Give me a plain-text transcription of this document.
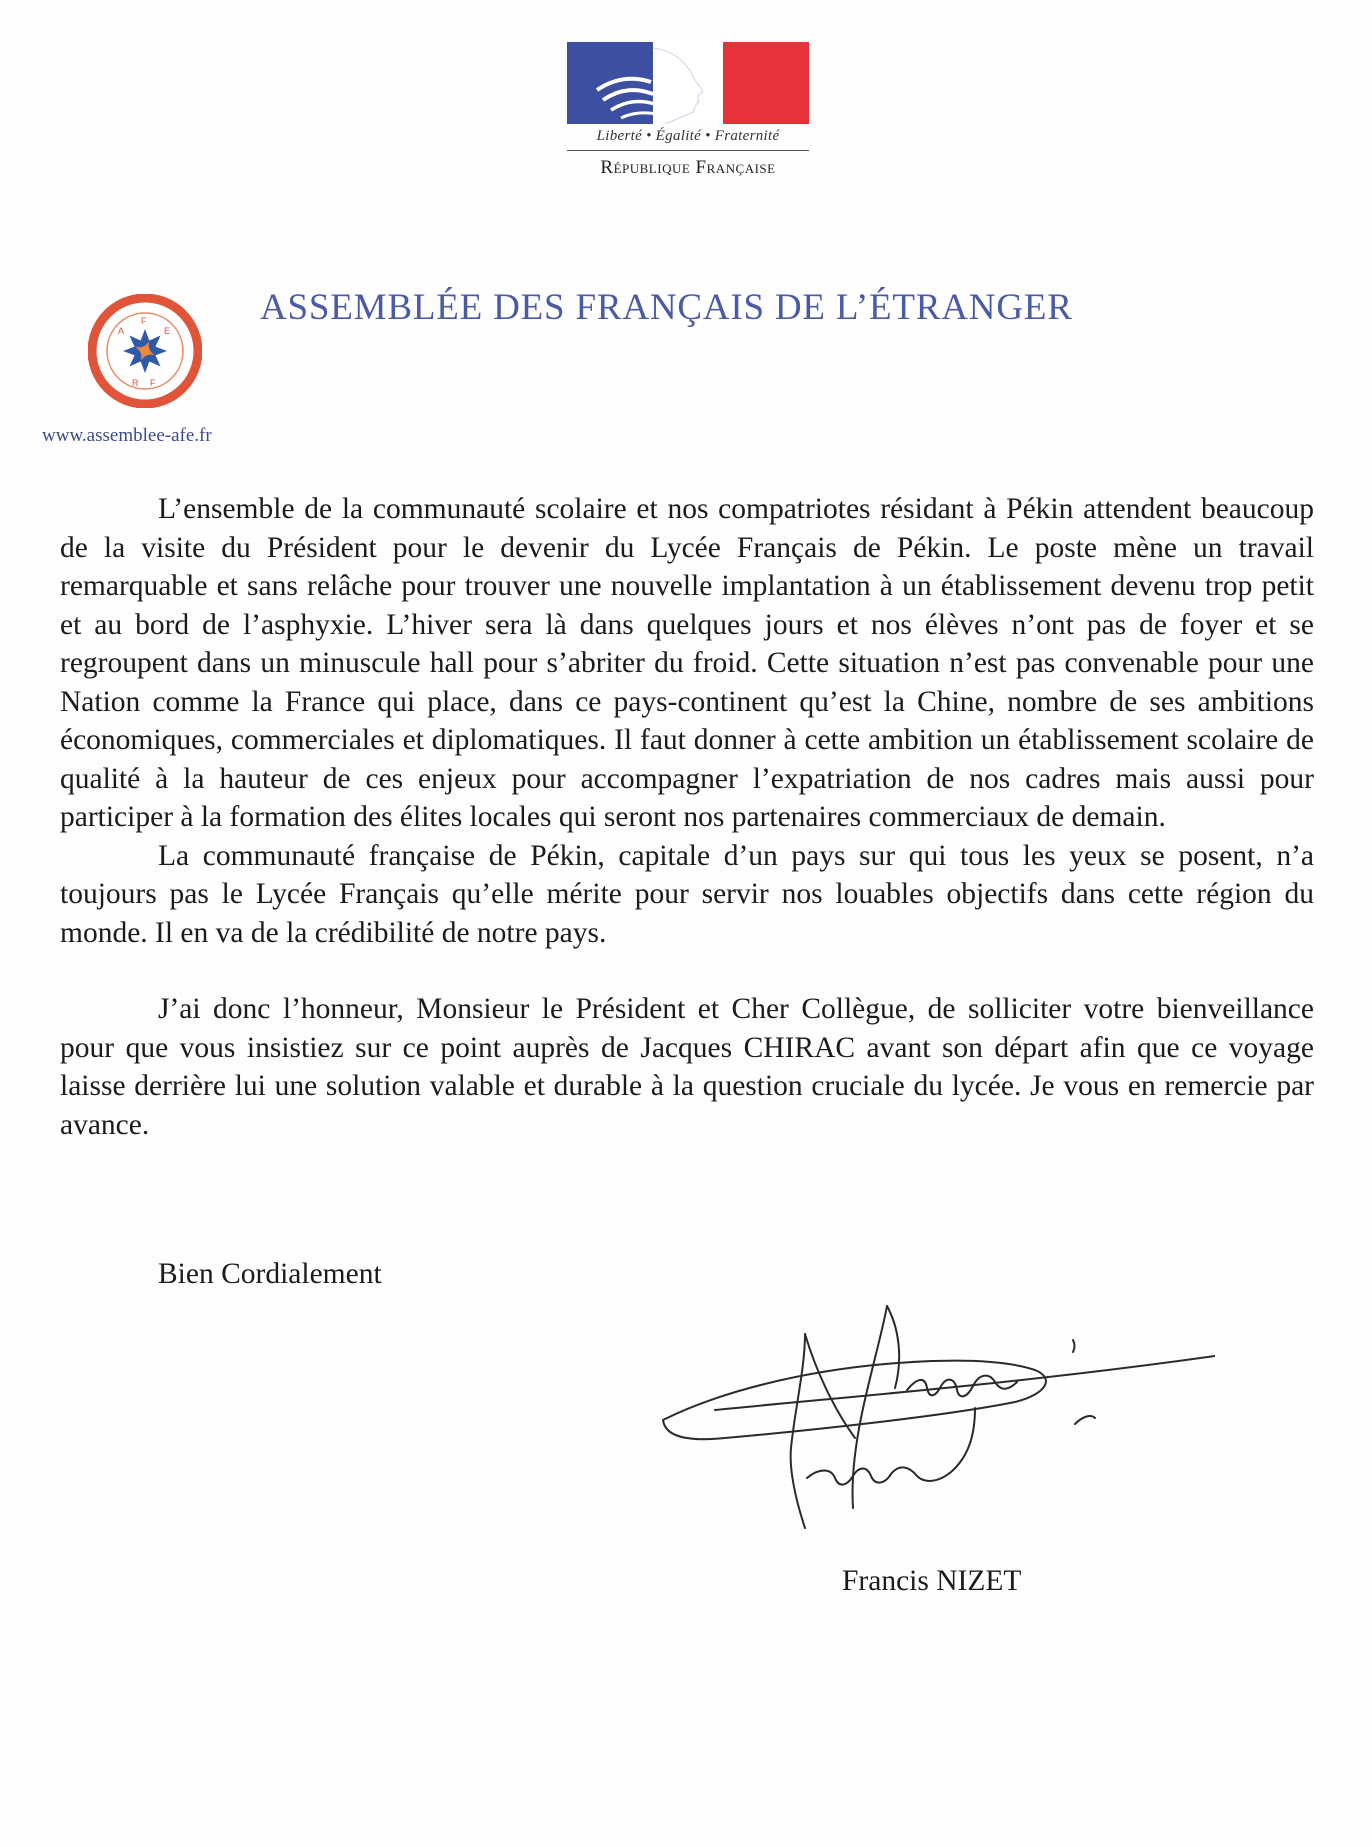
Liberté • Égalité • Fraternité
République Française
A
F
E
R F
ASSEMBLÉE DES FRANÇAIS DE L’ÉTRANGER
www.assemblee-afe.fr

L’ensemble de la communauté scolaire et nos compatriotes résidant à Pékin attendent beaucoup de la visite du Président pour le devenir du Lycée Français de Pékin. Le poste mène un travail remarquable et sans relâche pour trouver une nouvelle implantation à un établissement devenu trop petit et au bord de l’asphyxie. L’hiver sera là dans quelques jours et nos élèves n’ont pas de foyer et se regroupent dans un minuscule hall pour s’abriter du froid. Cette situation n’est pas convenable pour une Nation comme la France qui place, dans ce pays-continent qu’est la Chine, nombre de ses ambitions économiques, commerciales et diplomatiques. Il faut donner à cette ambition un établissement scolaire de qualité à la hauteur de ces enjeux pour accompagner l’expatriation de nos cadres mais aussi pour participer à la formation des élites locales qui seront nos partenaires commerciaux de demain.

La communauté française de Pékin, capitale d’un pays sur qui tous les yeux se posent, n’a toujours pas le Lycée Français qu’elle mérite pour servir nos louables objectifs dans cette région du monde. Il en va de la crédibilité de notre pays.

J’ai donc l’honneur, Monsieur le Président et Cher Collègue, de solliciter votre bienveillance pour que vous insistiez sur ce point auprès de Jacques CHIRAC avant son départ afin que ce voyage laisse derrière lui une solution valable et durable à la question cruciale du lycée. Je vous en remercie par avance.

Bien Cordialement
Francis NIZET
